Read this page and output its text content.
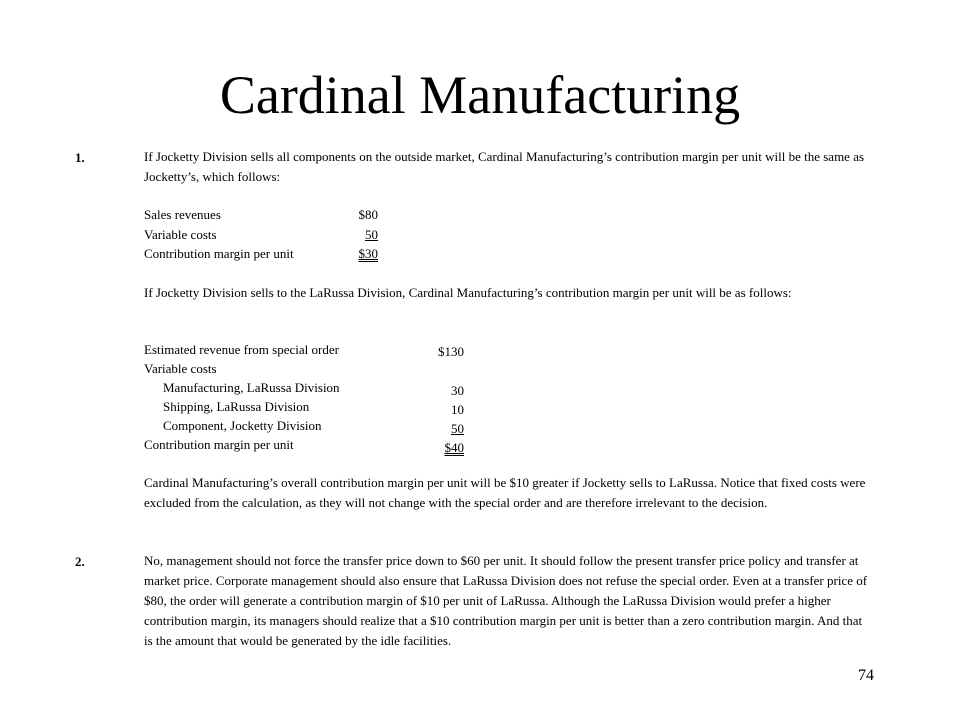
Cardinal Manufacturing
1.	If Jocketty Division sells all components on the outside market, Cardinal Manufacturing’s contribution margin per unit will be the same as Jocketty’s, which follows:

Sales revenues	$80
Variable costs	50
Contribution margin per unit	$30

If Jocketty Division sells to the LaRussa Division, Cardinal Manufacturing’s contribution margin per unit will be as follows:

Estimated revenue from special order	$130
Variable costs
Manufacturing, LaRussa Division	30
Shipping, LaRussa Division	10
Component, Jocketty Division	50
Contribution margin per unit	$40

Cardinal Manufacturing’s overall contribution margin per unit will be $10 greater if Jocketty sells to LaRussa. Notice that fixed costs were excluded from the calculation, as they will not change with the special order and are therefore irrelevant to the decision.

2.	No, management should not force the transfer price down to $60 per unit. It should follow the present transfer price policy and transfer at market price. Corporate management should also ensure that LaRussa Division does not refuse the special order. Even at a transfer price of $80, the order will generate a contribution margin of $10 per unit of LaRussa. Although the LaRussa Division would prefer a higher contribution margin, its managers should realize that a $10 contribution margin per unit is better than a zero contribution margin. And that is the amount that would be generated by the idle facilities.

74
